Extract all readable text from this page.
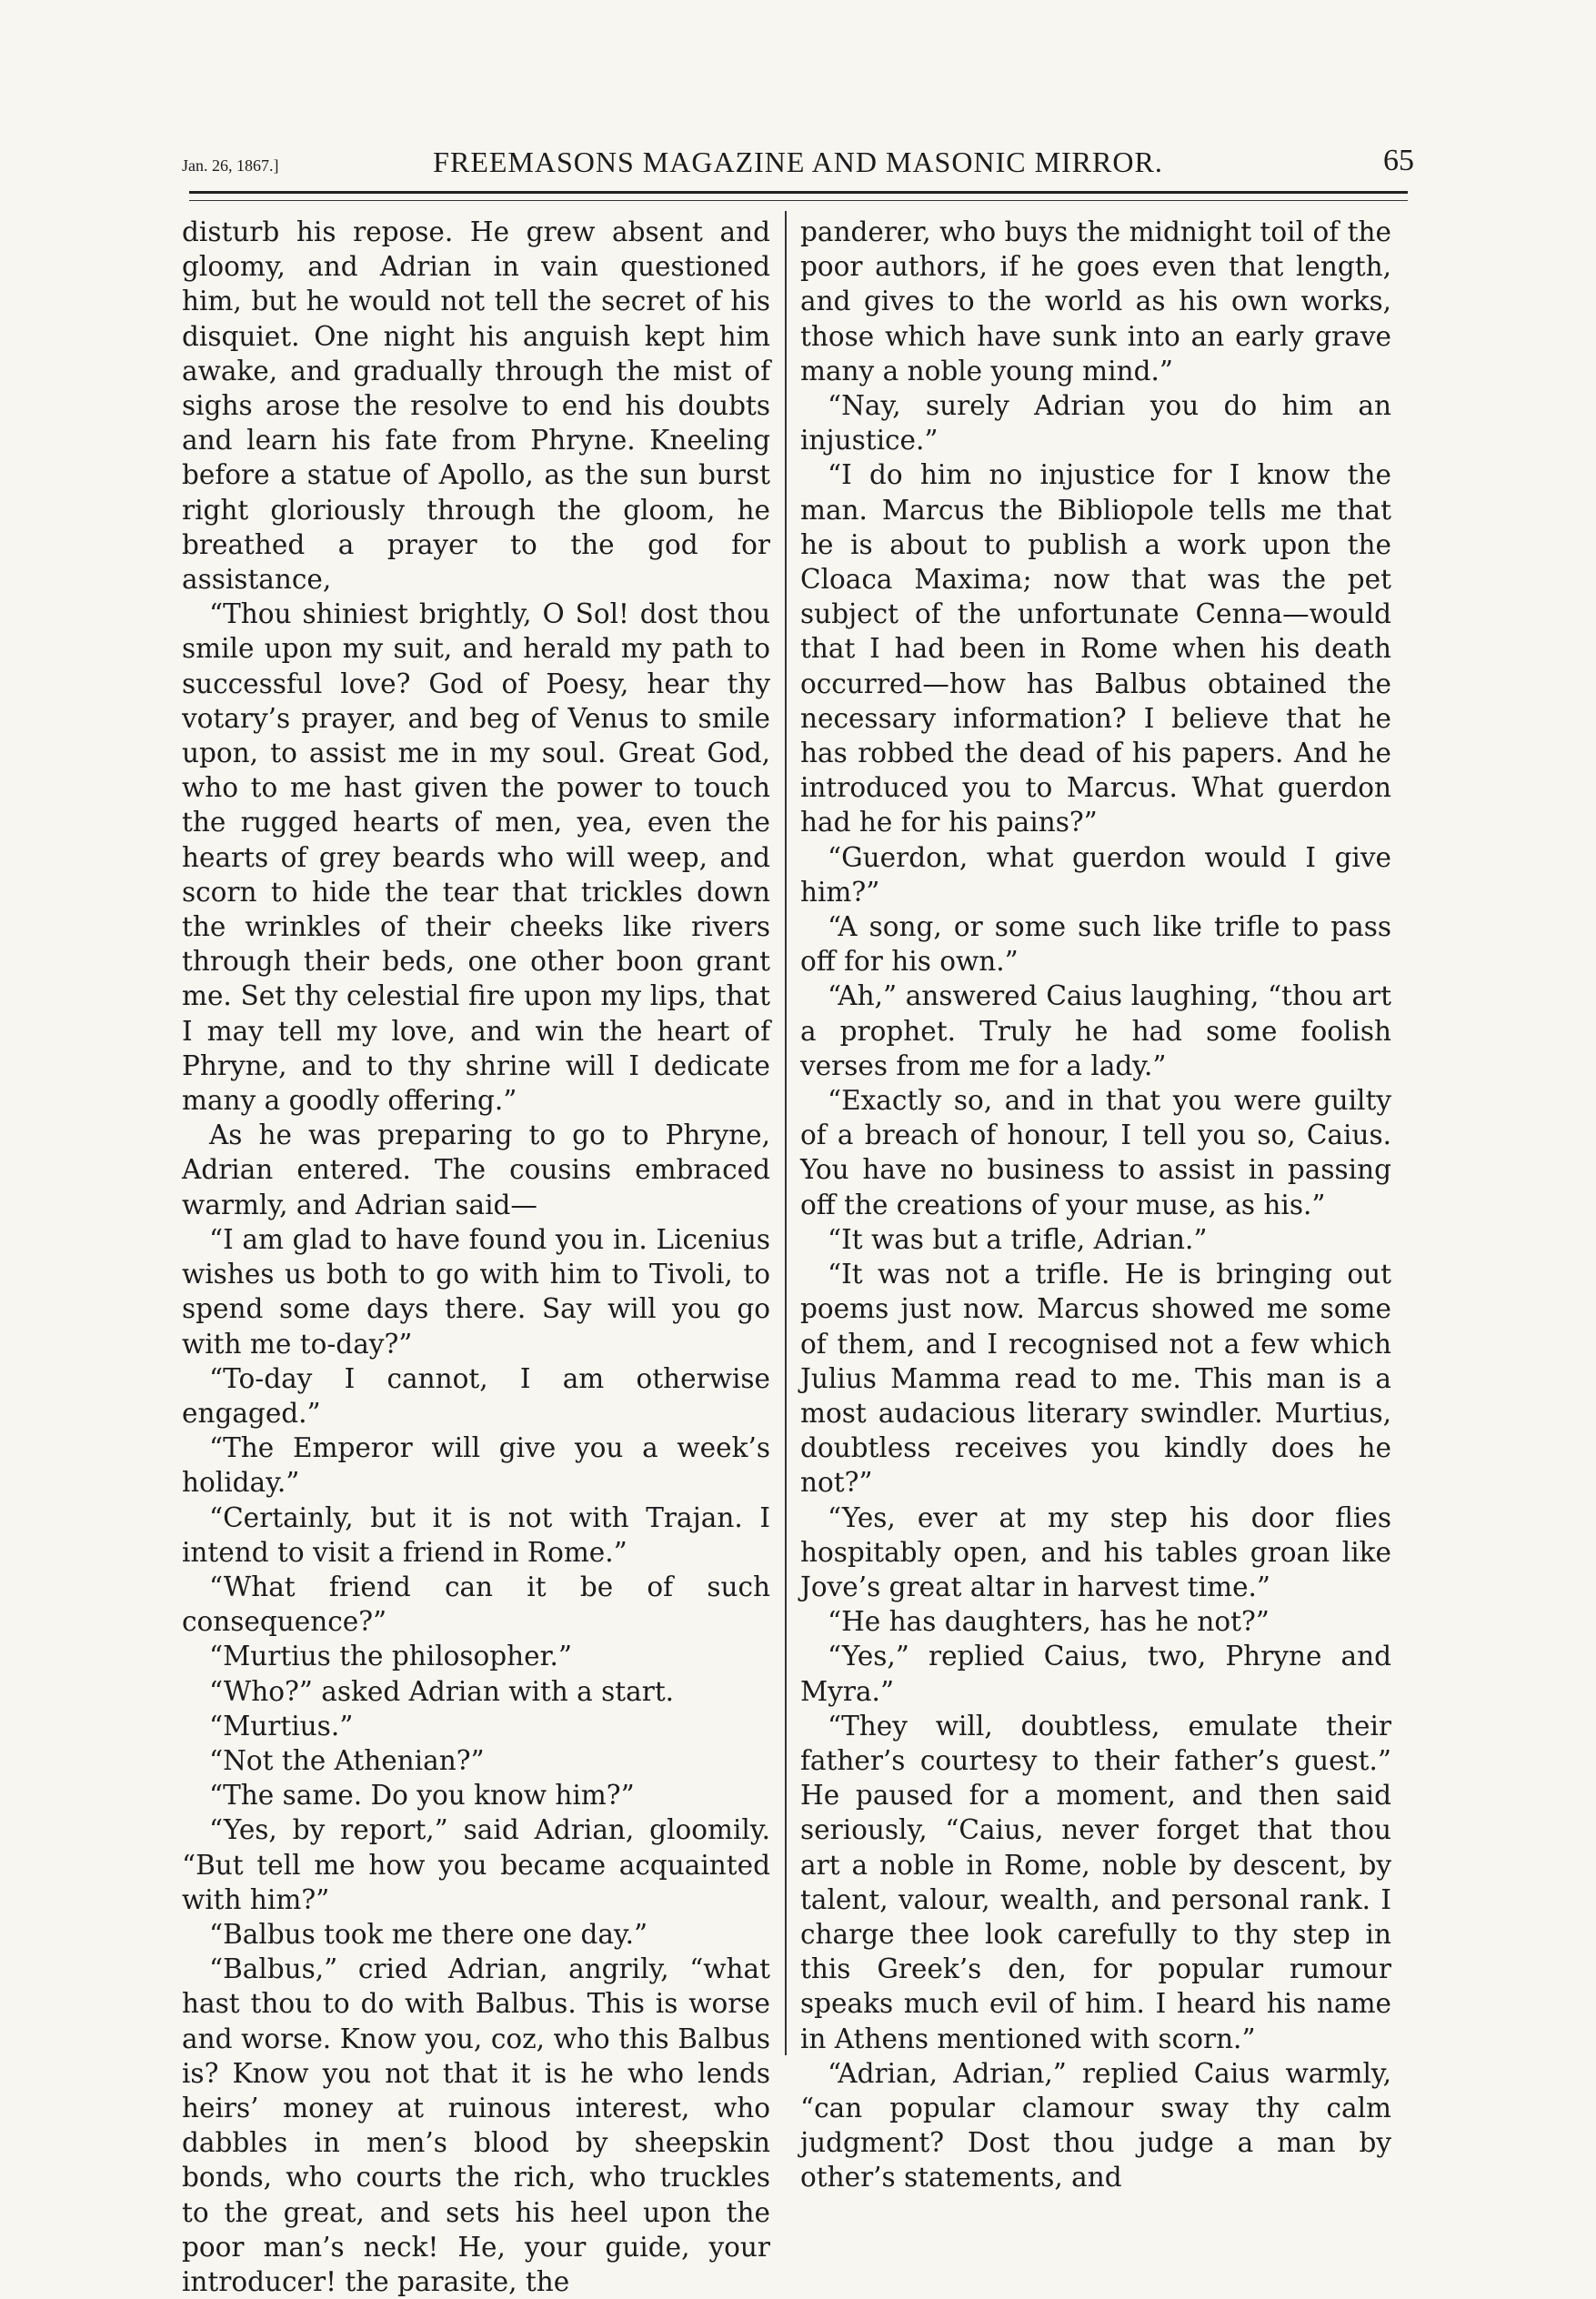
Jan. 26, 1867.]	FREEMASONS MAGAZINE AND MASONIC MIRROR.	65

disturb his repose. He grew absent and gloomy, and Adrian in vain questioned him, but he would not tell the secret of his disquiet. One night his anguish kept him awake, and gradually through the mist of sighs arose the resolve to end his doubts and learn his fate from Phryne. Kneeling before a statue of Apollo, as the sun burst right gloriously through the gloom, he breathed a prayer to the god for assistance,

“Thou shiniest brightly, O Sol! dost thou smile upon my suit, and herald my path to successful love? God of Poesy, hear thy votary’s prayer, and beg of Venus to smile upon, to assist me in my soul. Great God, who to me hast given the power to touch the rugged hearts of men, yea, even the hearts of grey beards who will weep, and scorn to hide the tear that trickles down the wrinkles of their cheeks like rivers through their beds, one other boon grant me. Set thy celestial fire upon my lips, that I may tell my love, and win the heart of Phryne, and to thy shrine will I dedicate many a goodly offering.”

As he was preparing to go to Phryne, Adrian entered. The cousins embraced warmly, and Adrian said—

“I am glad to have found you in. Licenius wishes us both to go with him to Tivoli, to spend some days there. Say will you go with me to-day?”

“To-day I cannot, I am otherwise engaged.”

“The Emperor will give you a week’s holiday.”

“Certainly, but it is not with Trajan. I intend to visit a friend in Rome.”

“What friend can it be of such consequence?”

“Murtius the philosopher.”

“Who?” asked Adrian with a start.

“Murtius.”

“Not the Athenian?”

“The same. Do you know him?”

“Yes, by report,” said Adrian, gloomily. “But tell me how you became acquainted with him?”

“Balbus took me there one day.”

“Balbus,” cried Adrian, angrily, “what hast thou to do with Balbus. This is worse and worse. Know you, coz, who this Balbus is? Know you not that it is he who lends heirs’ money at ruinous interest, who dabbles in men’s blood by sheepskin bonds, who courts the rich, who truckles to the great, and sets his heel upon the poor man’s neck! He, your guide, your introducer! the parasite, the

panderer, who buys the midnight toil of the poor authors, if he goes even that length, and gives to the world as his own works, those which have sunk into an early grave many a noble young mind.”

“Nay, surely Adrian you do him an injustice.”

“I do him no injustice for I know the man. Marcus the Bibliopole tells me that he is about to publish a work upon the Cloaca Maxima; now that was the pet subject of the unfortunate Cenna—would that I had been in Rome when his death occurred—how has Balbus obtained the necessary information? I believe that he has robbed the dead of his papers. And he introduced you to Marcus. What guerdon had he for his pains?”

“Guerdon, what guerdon would I give him?”

“A song, or some such like trifle to pass off for his own.”

“Ah,” answered Caius laughing, “thou art a prophet. Truly he had some foolish verses from me for a lady.”

“Exactly so, and in that you were guilty of a breach of honour, I tell you so, Caius. You have no business to assist in passing off the creations of your muse, as his.”

“It was but a trifle, Adrian.”

“It was not a trifle. He is bringing out poems just now. Marcus showed me some of them, and I recognised not a few which Julius Mamma read to me. This man is a most audacious literary swindler. Murtius, doubtless receives you kindly does he not?”

“Yes, ever at my step his door flies hospitably open, and his tables groan like Jove’s great altar in harvest time.”

“He has daughters, has he not?”

“Yes,” replied Caius, two, Phryne and Myra.”

“They will, doubtless, emulate their father’s courtesy to their father’s guest.” He paused for a moment, and then said seriously, “Caius, never forget that thou art a noble in Rome, noble by descent, by talent, valour, wealth, and personal rank. I charge thee look carefully to thy step in this Greek’s den, for popular rumour speaks much evil of him. I heard his name in Athens mentioned with scorn.”

“Adrian, Adrian,” replied Caius warmly, “can popular clamour sway thy calm judgment? Dost thou judge a man by other’s statements, and
